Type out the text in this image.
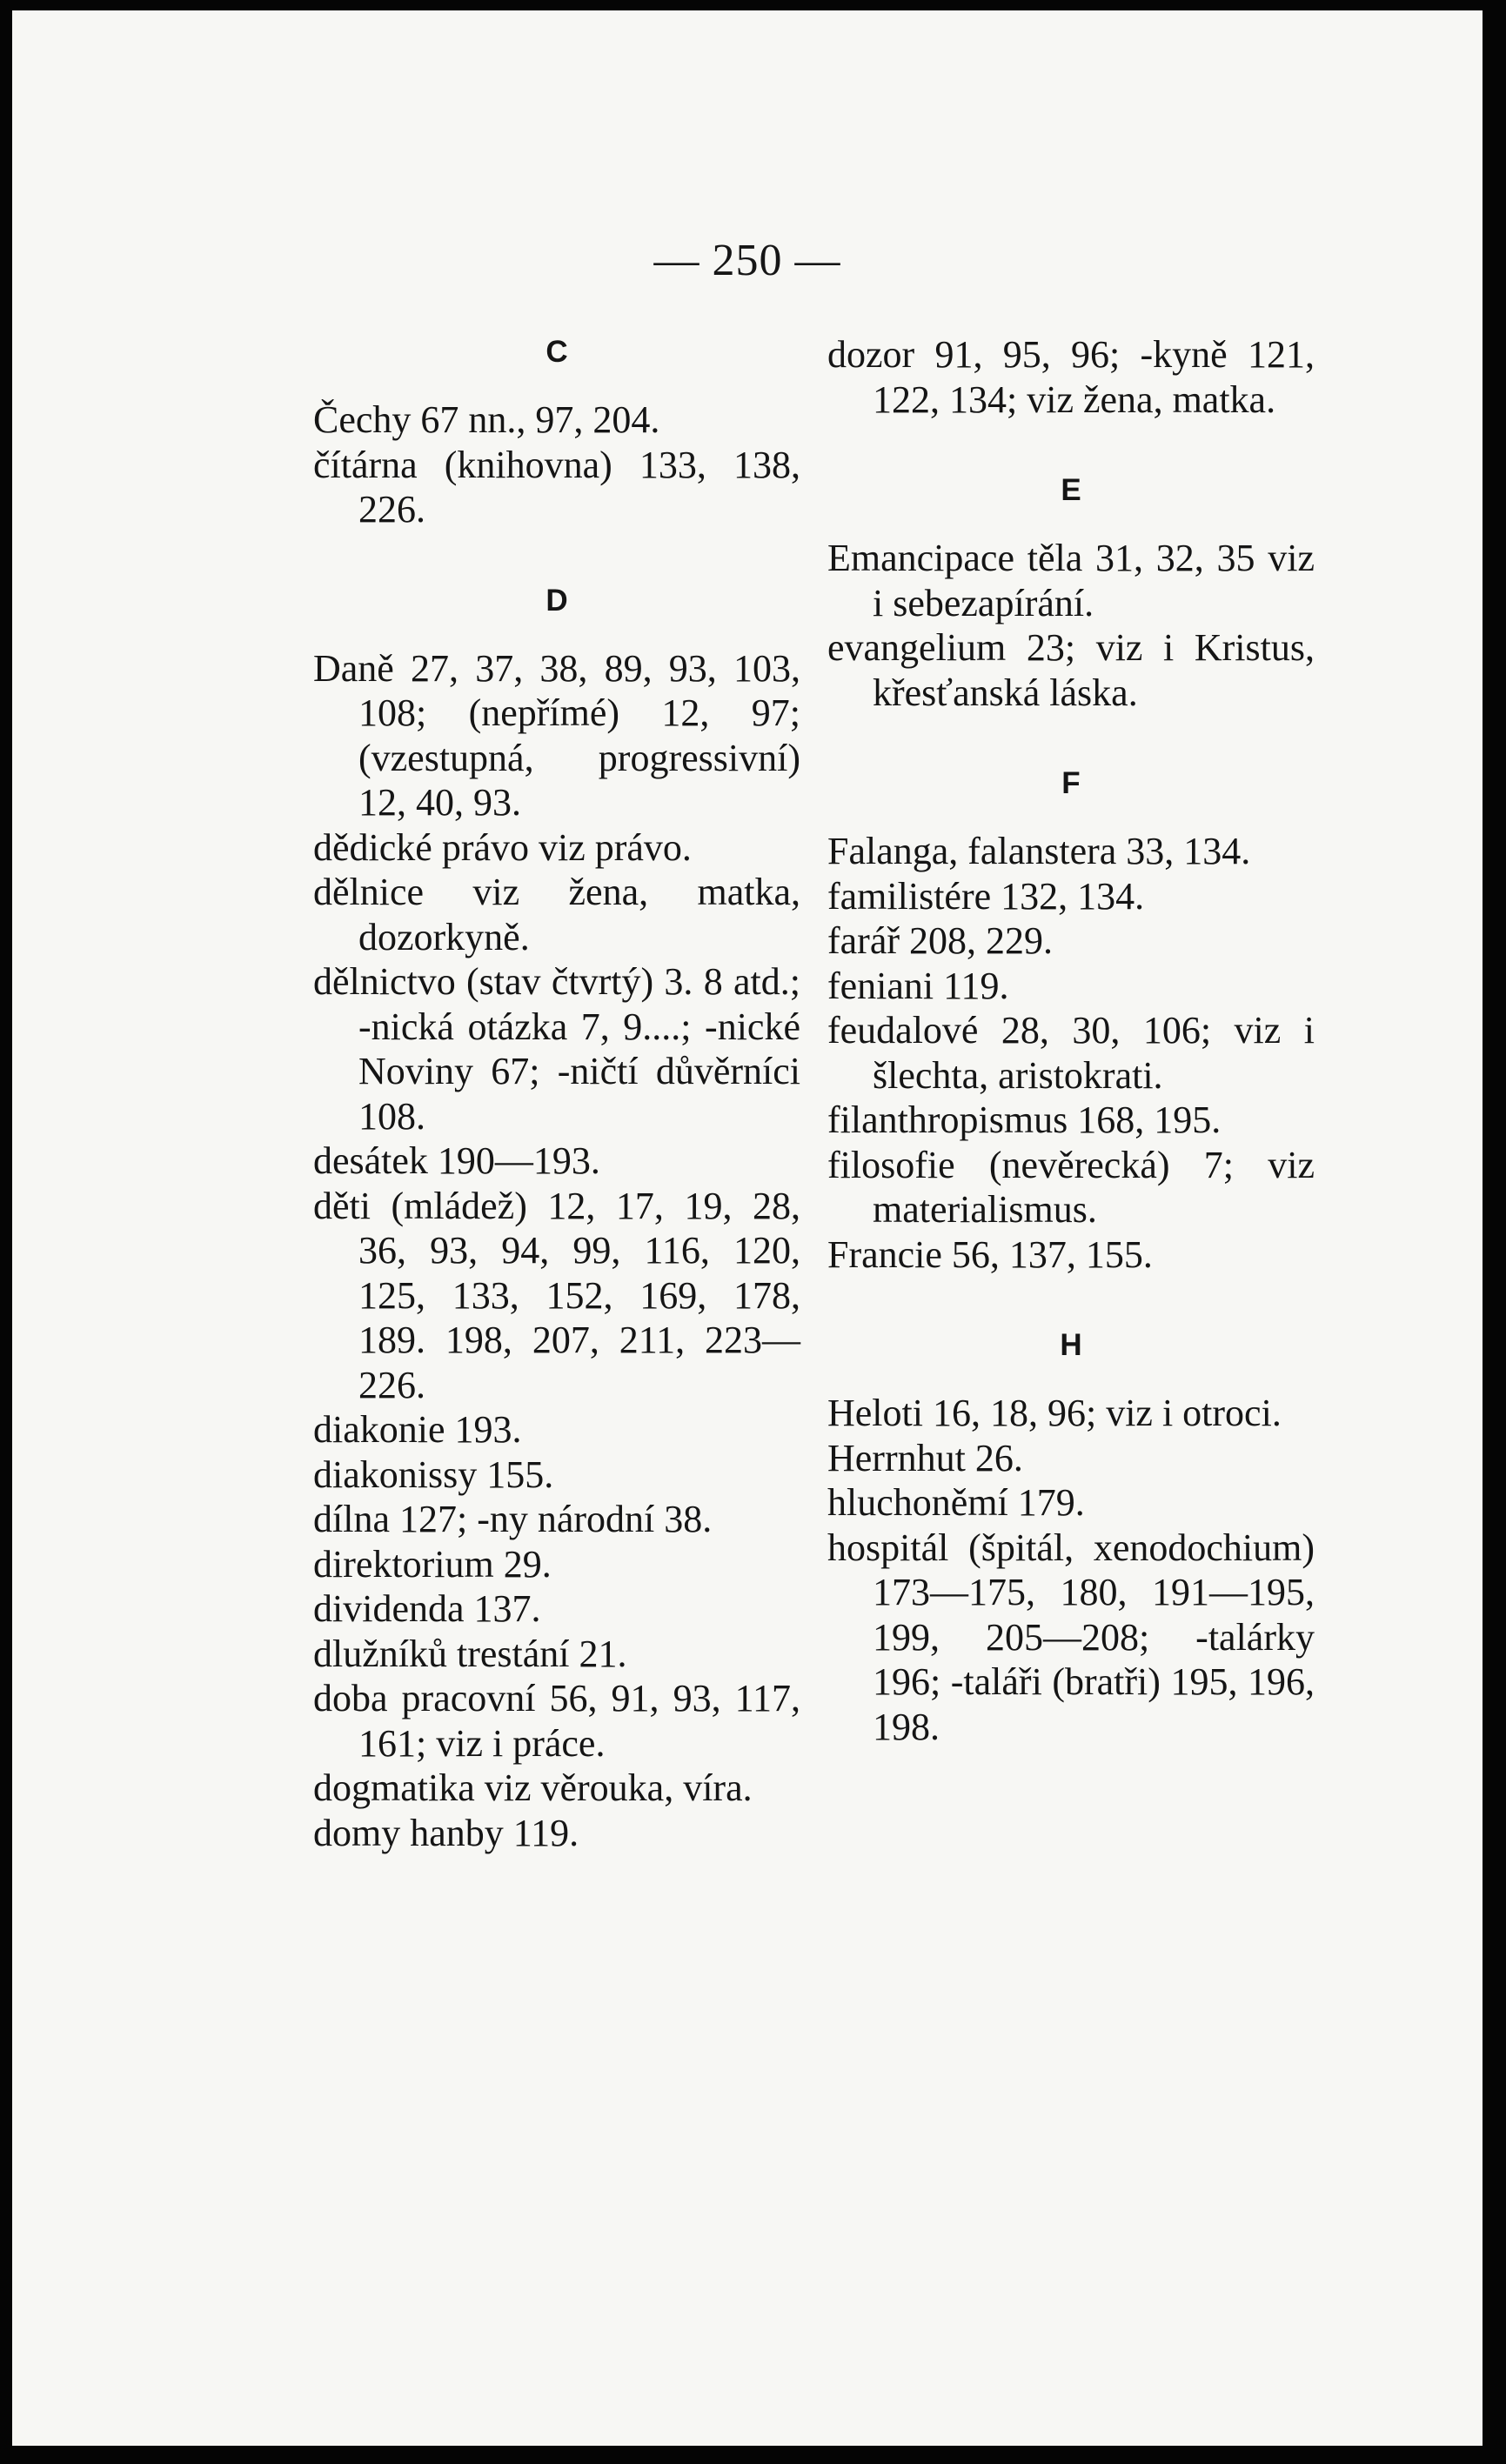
— 250 —
C

Čechy 67 nn., 97, 204.

čítárna (knihovna) 133, 138, 226.

D

Daně 27, 37, 38, 89, 93, 103, 108; (nepřímé) 12, 97; (vzestupná, progressivní) 12, 40, 93.

dědické právo viz právo.

dělnice viz žena, matka, dozorkyně.

dělnictvo (stav čtvrtý) 3. 8 atd.; -nická otázka 7, 9....; -nické Noviny 67; -ničtí důvěrníci 108.

desátek 190—193.

děti (mládež) 12, 17, 19, 28, 36, 93, 94, 99, 116, 120, 125, 133, 152, 169, 178, 189. 198, 207, 211, 223—226.

diakonie 193.

diakonissy 155.

dílna 127; -ny národní 38.

direktorium 29.

dividenda 137.

dlužníků trestání 21.

doba pracovní 56, 91, 93, 117, 161; viz i práce.

dogmatika viz věrouka, víra.

domy hanby 119.

dozor 91, 95, 96; -kyně 121, 122, 134; viz žena, matka.

E

Emancipace těla 31, 32, 35 viz i sebezapírání.

evangelium 23; viz i Kristus, křesťanská láska.

F

Falanga, falanstera 33, 134.

familistére 132, 134.

farář 208, 229.

feniani 119.

feudalové 28, 30, 106; viz i šlechta, aristokrati.

filanthropismus 168, 195.

filosofie (nevěrecká) 7; viz materialismus.

Francie 56, 137, 155.

H

Heloti 16, 18, 96; viz i otroci.

Herrnhut 26.

hluchoněmí 179.

hospitál (špitál, xenodochium) 173—175, 180, 191—195, 199, 205—208; -talárky 196; -taláři (bratři) 195, 196, 198.
